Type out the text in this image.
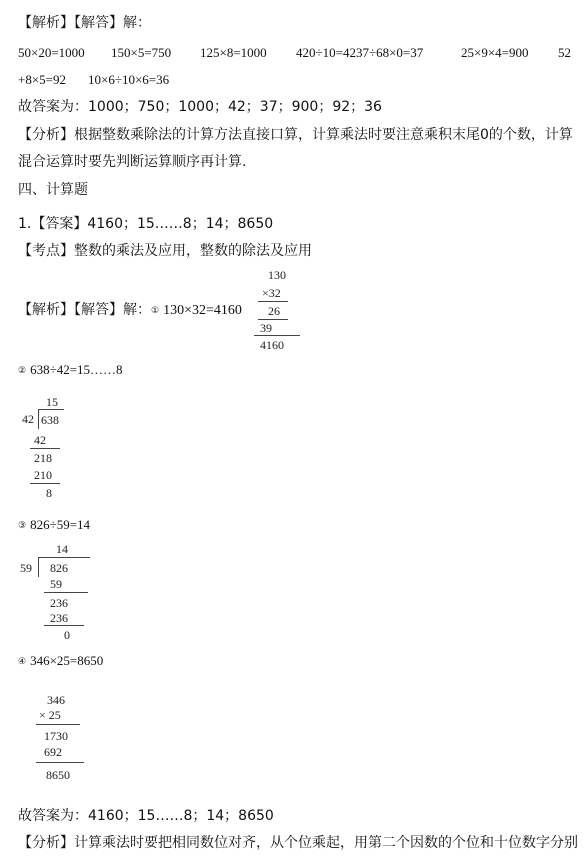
【解析】【解答】解：
50×20=1000 150×5=750 125×8=1000 420÷10=4237÷68×0=37	25×9×4=900 52
+8×5=92 10×6÷10×6=36
故答案为：1000；750；1000；42；37；900；92；36
【分析】根据整数乘除法的计算方法直接口算，计算乘法时要注意乘积末尾0的个数，计算
混合运算时要先判断运算顺序再计算.
四、计算题
1.【答案】4160；15……8；14；8650
【考点】整数的乘法及应用，整数的除法及应用
【解析】【解答】解：① 130×32=4160
130
×32
26
39
4160
② 638÷42=15……8
15
42 638
42
218
210
8
③ 826÷59=14
14
59 826
59
236
236
0
④ 346×25=8650
346
× 25
1730
692
8650
故答案为：4160；15……8；14；8650
【分析】计算乘法时要把相同数位对齐，从个位乘起，用第二个因数的个位和十位数字分别
